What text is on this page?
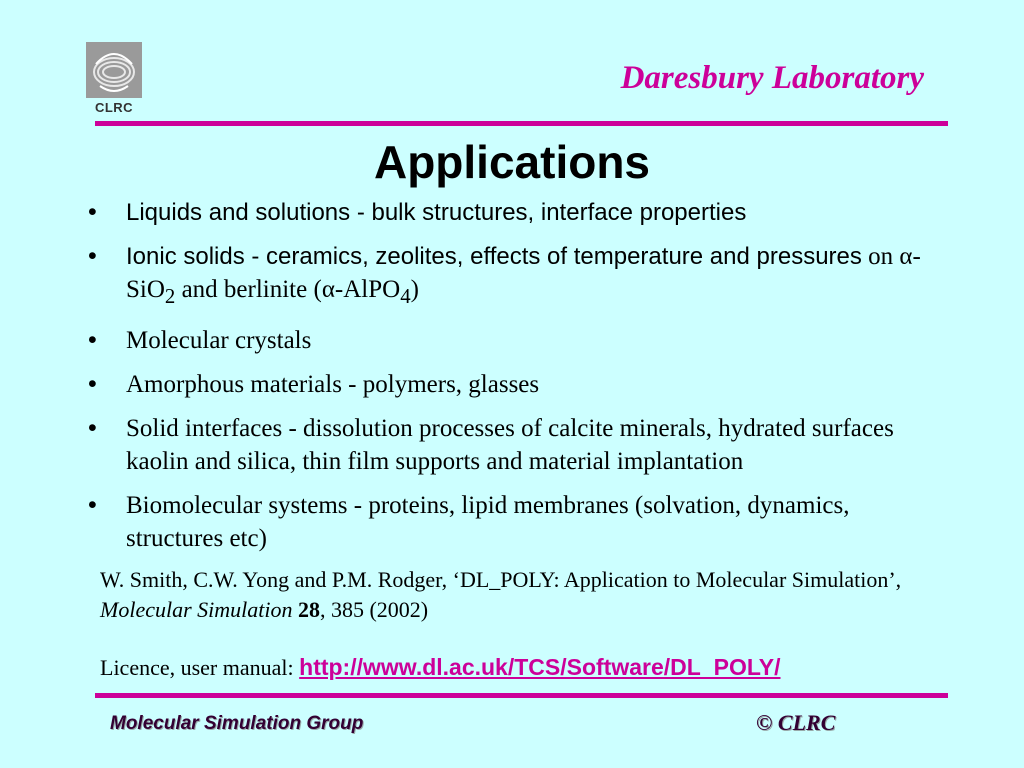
CLRC
Daresbury Laboratory
Applications
• Liquids and solutions - bulk structures, interface properties
• Ionic solids - ceramics, zeolites, effects of temperature and pressures on α-SiO$_2$ and berlinite (α-AlPO$_4$)
• Molecular crystals
• Amorphous materials - polymers, glasses
• Solid interfaces - dissolution processes of calcite minerals, hydrated surfaces kaolin and silica, thin film supports and material implantation
• Biomolecular systems - proteins, lipid membranes (solvation, dynamics, structures etc)
W. Smith, C.W. Yong and P.M. Rodger, ‘DL_POLY: Application to Molecular Simulation’, Molecular Simulation 28, 385 (2002)
Licence, user manual: http://www.dl.ac.uk/TCS/Software/DL_POLY/
Molecular Simulation Group	© CLRC
